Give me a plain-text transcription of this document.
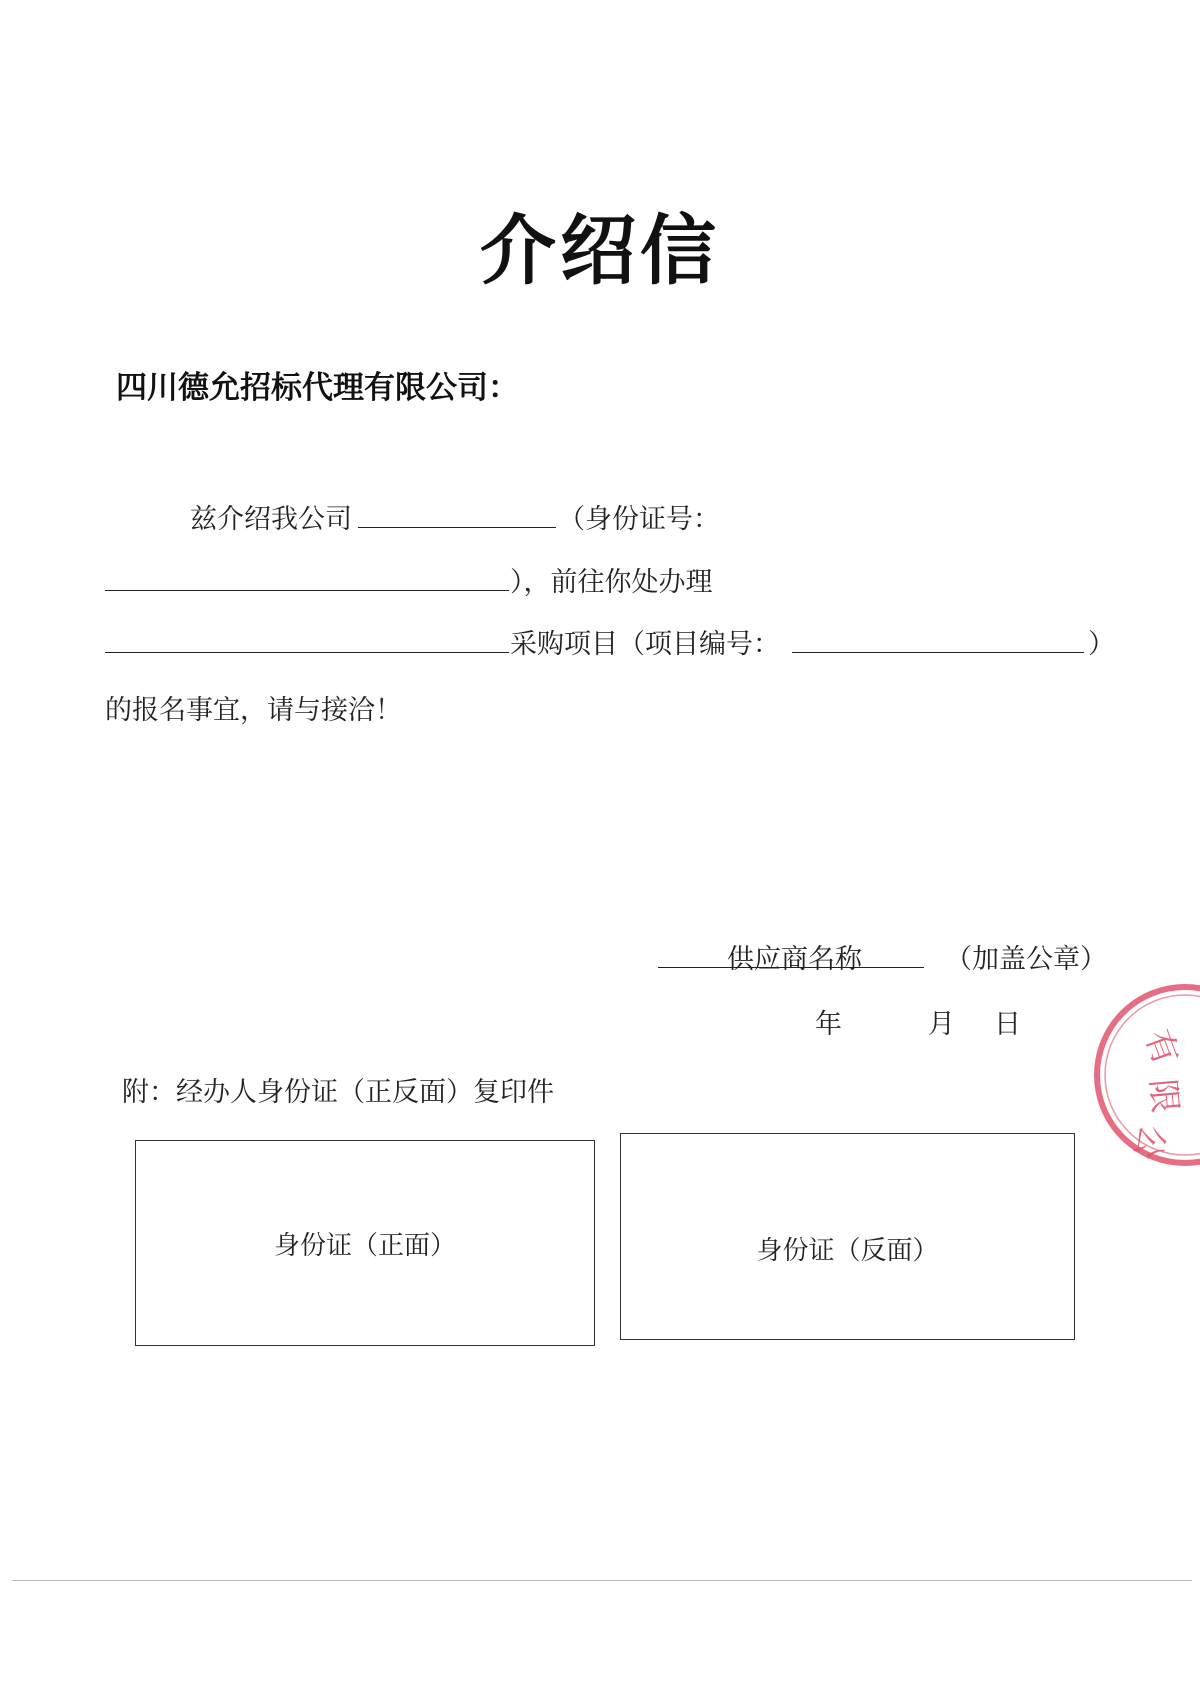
介绍信
四川德允招标代理有限公司：
兹介绍我公司	（身份证号：
），前往你处办理
采购项目（项目编号：	）
的报名事宜，请与接洽！
供应商名称	（加盖公章）
年	月 日
附：经办人身份证（正反面）复印件
身份证（正面）	身份证（反面）
有
限
公
